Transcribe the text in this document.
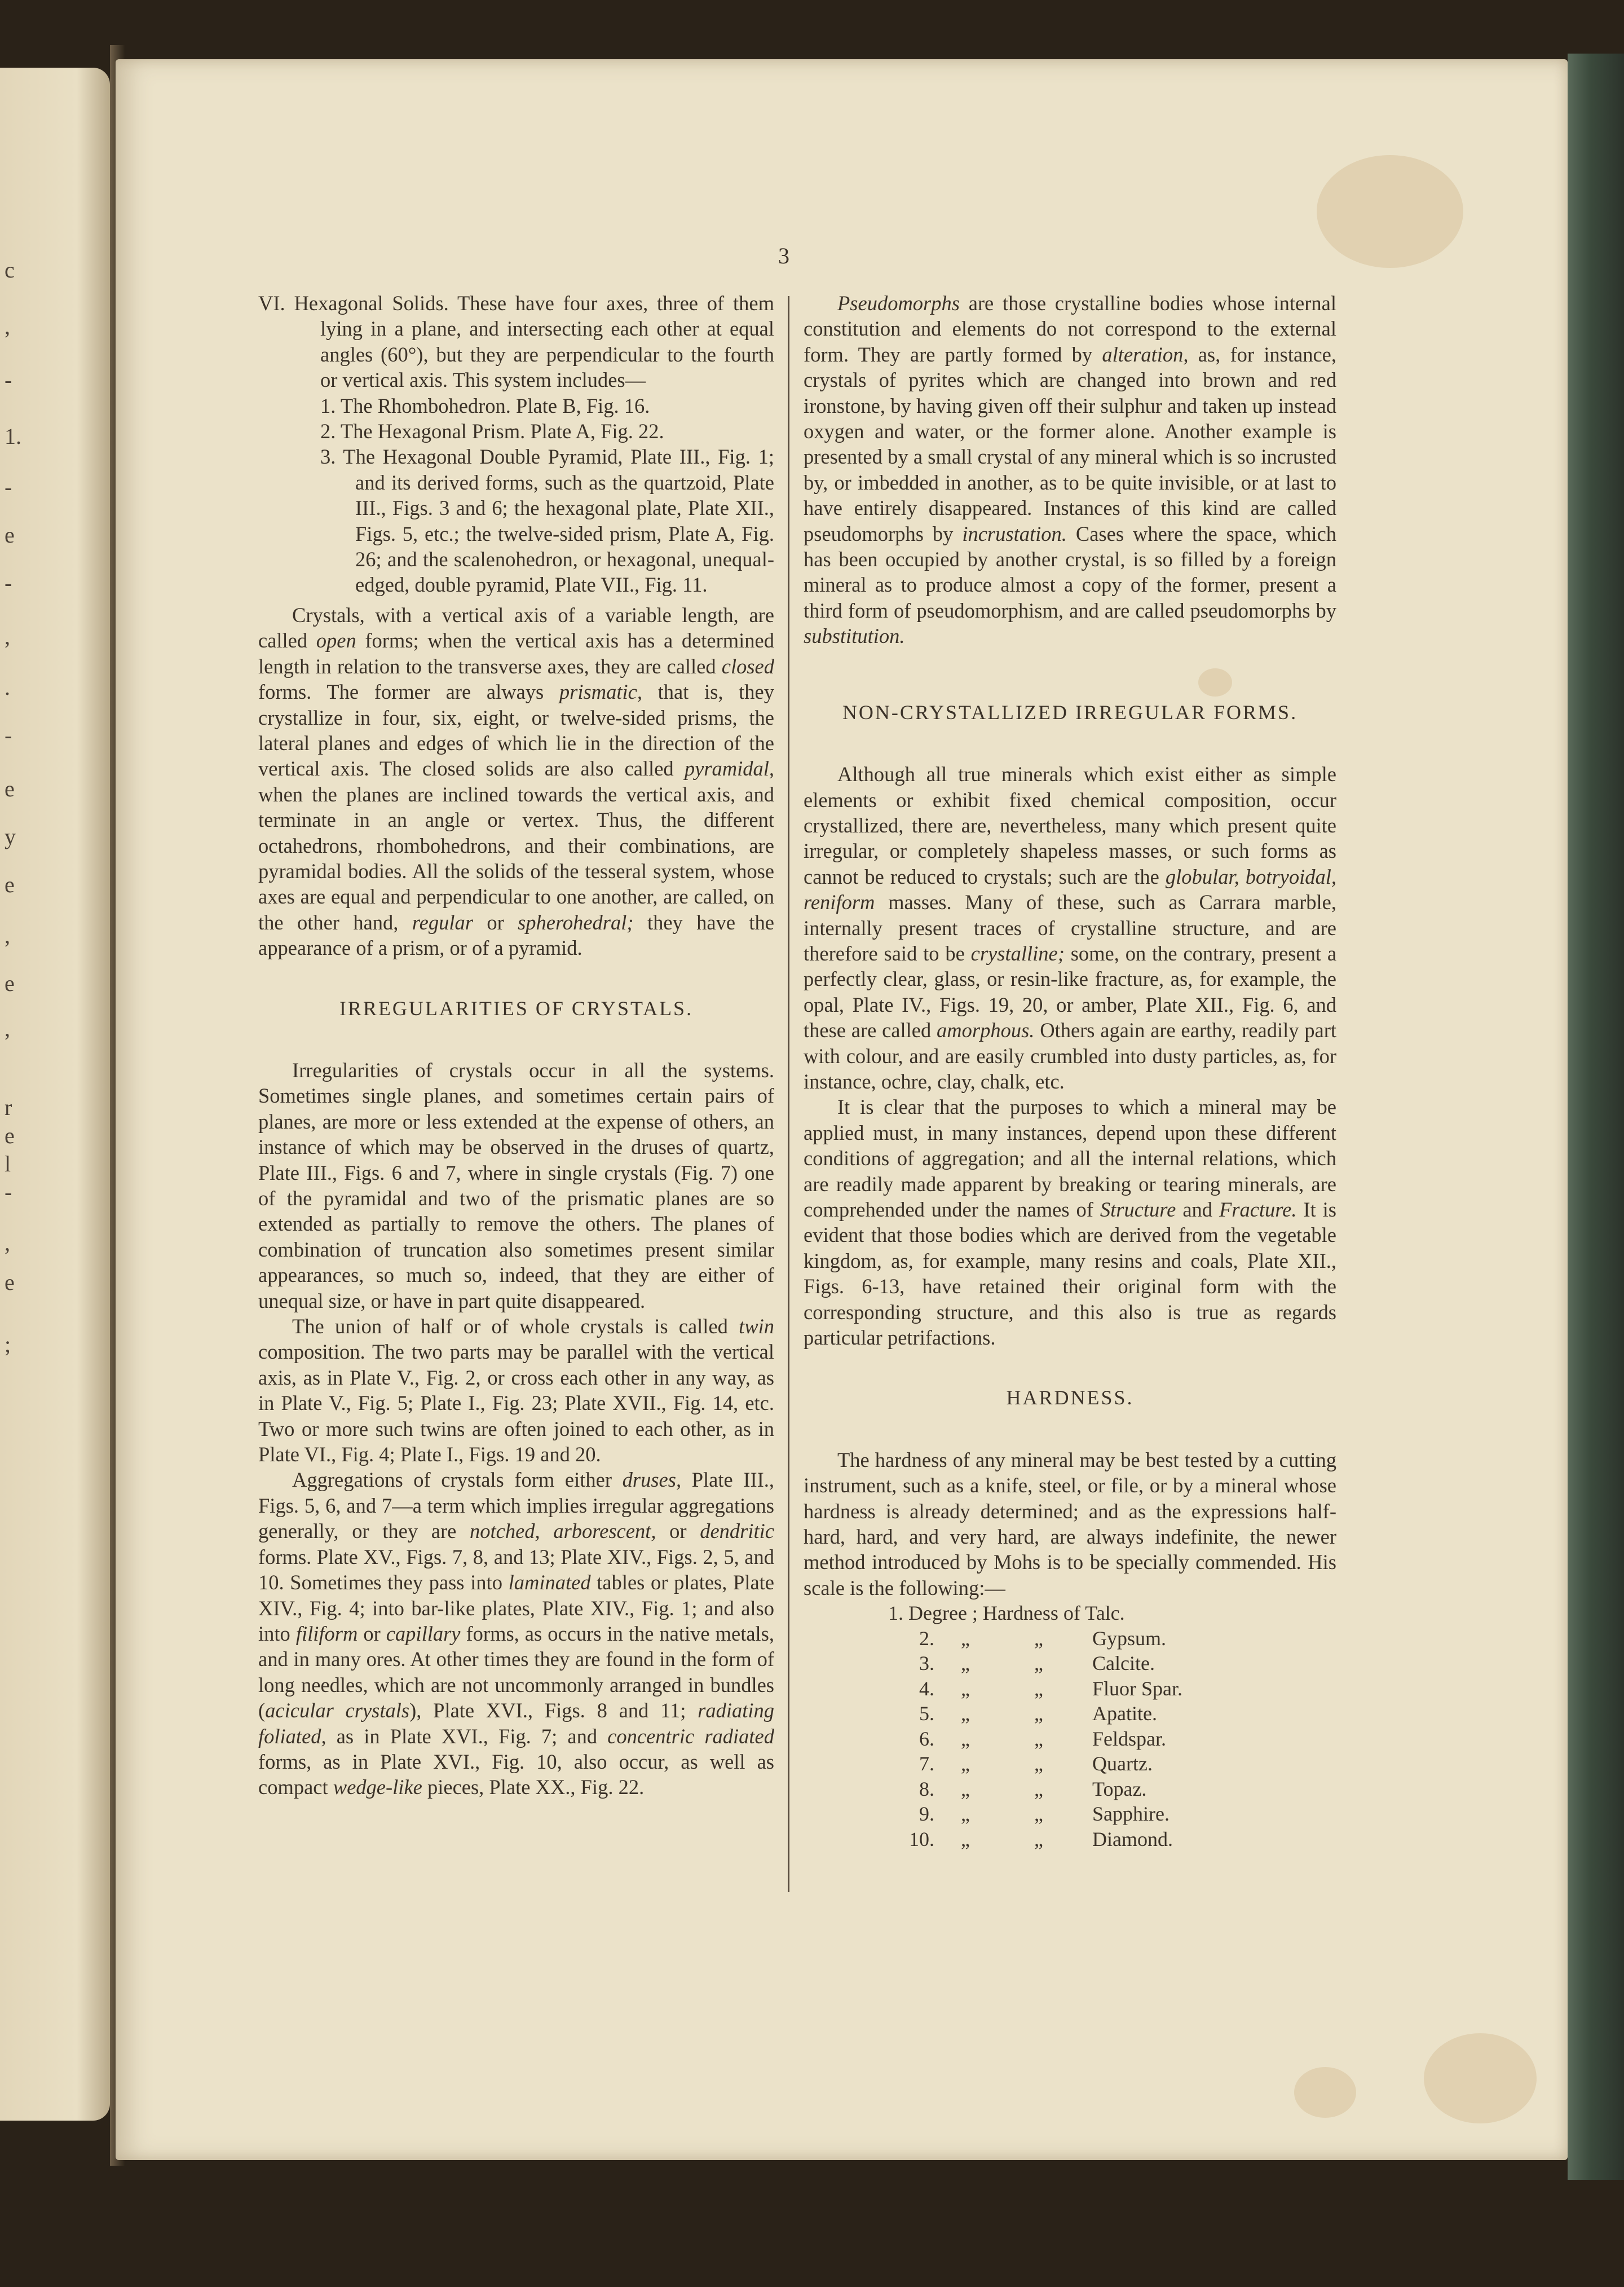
c
,
-
1.
-
e
-
,
.
-
e
y
e
,
e
,
r
e
l
-
,
e
;
3

VI. Hexagonal Solids. These have four axes, three of them lying in a plane, and intersecting each other at equal angles (60°), but they are perpendicular to the fourth or vertical axis. This system includes—

1. The Rhombohedron. Plate B, Fig. 16.

2. The Hexagonal Prism. Plate A, Fig. 22.

3. The Hexagonal Double Pyramid, Plate III., Fig. 1; and its derived forms, such as the quartzoid, Plate III., Figs. 3 and 6; the hexagonal plate, Plate XII., Figs. 5, etc.; the twelve-sided prism, Plate A, Fig. 26; and the scalenohedron, or hexagonal, unequal-edged, double pyramid, Plate VII., Fig. 11.

Crystals, with a vertical axis of a variable length, are called open forms; when the vertical axis has a determined length in relation to the transverse axes, they are called closed forms. The former are always prismatic, that is, they crystallize in four, six, eight, or twelve-sided prisms, the lateral planes and edges of which lie in the direction of the vertical axis. The closed solids are also called pyramidal, when the planes are inclined towards the vertical axis, and terminate in an angle or vertex. Thus, the different octahedrons, rhombohedrons, and their combinations, are pyramidal bodies. All the solids of the tesseral system, whose axes are equal and perpendicular to one another, are called, on the other hand, regular or spherohedral; they have the appearance of a prism, or of a pyramid.

IRREGULARITIES OF CRYSTALS.

Irregularities of crystals occur in all the systems. Sometimes single planes, and sometimes certain pairs of planes, are more or less extended at the expense of others, an instance of which may be observed in the druses of quartz, Plate III., Figs. 6 and 7, where in single crystals (Fig. 7) one of the pyramidal and two of the prismatic planes are so extended as partially to remove the others. The planes of combination of truncation also sometimes present similar appearances, so much so, indeed, that they are either of unequal size, or have in part quite disappeared.

The union of half or of whole crystals is called twin composition. The two parts may be parallel with the vertical axis, as in Plate V., Fig. 2, or cross each other in any way, as in Plate V., Fig. 5; Plate I., Fig. 23; Plate XVII., Fig. 14, etc. Two or more such twins are often joined to each other, as in Plate VI., Fig. 4; Plate I., Figs. 19 and 20.

Aggregations of crystals form either druses, Plate III., Figs. 5, 6, and 7—a term which implies irregular aggregations generally, or they are notched, arborescent, or dendritic forms. Plate XV., Figs. 7, 8, and 13; Plate XIV., Figs. 2, 5, and 10. Sometimes they pass into laminated tables or plates, Plate XIV., Fig. 4; into bar-like plates, Plate XIV., Fig. 1; and also into filiform or capillary forms, as occurs in the native metals, and in many ores. At other times they are found in the form of long needles, which are not uncommonly arranged in bundles (acicular crystals), Plate XVI., Figs. 8 and 11; radiating foliated, as in Plate XVI., Fig. 7; and concentric radiated forms, as in Plate XVI., Fig. 10, also occur, as well as compact wedge-like pieces, Plate XX., Fig. 22.

Pseudomorphs are those crystalline bodies whose internal constitution and elements do not correspond to the external form. They are partly formed by alteration, as, for instance, crystals of pyrites which are changed into brown and red ironstone, by having given off their sulphur and taken up instead oxygen and water, or the former alone. Another example is presented by a small crystal of any mineral which is so incrusted by, or imbedded in another, as to be quite invisible, or at last to have entirely disappeared. Instances of this kind are called pseudomorphs by incrustation. Cases where the space, which has been occupied by another crystal, is so filled by a foreign mineral as to produce almost a copy of the former, present a third form of pseudomorphism, and are called pseudomorphs by substitution.

NON-CRYSTALLIZED IRREGULAR FORMS.

Although all true minerals which exist either as simple elements or exhibit fixed chemical composition, occur crystallized, there are, nevertheless, many which present quite irregular, or completely shapeless masses, or such forms as cannot be reduced to crystals; such are the globular, botryoidal, reniform masses. Many of these, such as Carrara marble, internally present traces of crystalline structure, and are therefore said to be crystalline; some, on the contrary, present a perfectly clear, glass, or resin-like fracture, as, for example, the opal, Plate IV., Figs. 19, 20, or amber, Plate XII., Fig. 6, and these are called amorphous. Others again are earthy, readily part with colour, and are easily crumbled into dusty particles, as, for instance, ochre, clay, chalk, etc.

It is clear that the purposes to which a mineral may be applied must, in many instances, depend upon these different conditions of aggregation; and all the internal relations, which are readily made apparent by breaking or tearing minerals, are comprehended under the names of Structure and Fracture. It is evident that those bodies which are derived from the vegetable kingdom, as, for example, many resins and coals, Plate XII., Figs. 6-13, have retained their original form with the corresponding structure, and this also is true as regards particular petrifactions.

HARDNESS.

The hardness of any mineral may be best tested by a cutting instrument, such as a knife, steel, or file, or by a mineral whose hardness is already determined; and as the expressions half-hard, hard, and very hard, are always indefinite, the newer method introduced by Mohs is to be specially commended. His scale is the following:—

1. Degree ; Hardness of Talc.

2.	„	„	Gypsum.
3.	„	„	Calcite.
4.	„	„	Fluor Spar.
5.	„	„	Apatite.
6.	„	„	Feldspar.
7.	„	„	Quartz.
8.	„	„	Topaz.
9.	„	„	Sapphire.
10.	„	„	Diamond.
